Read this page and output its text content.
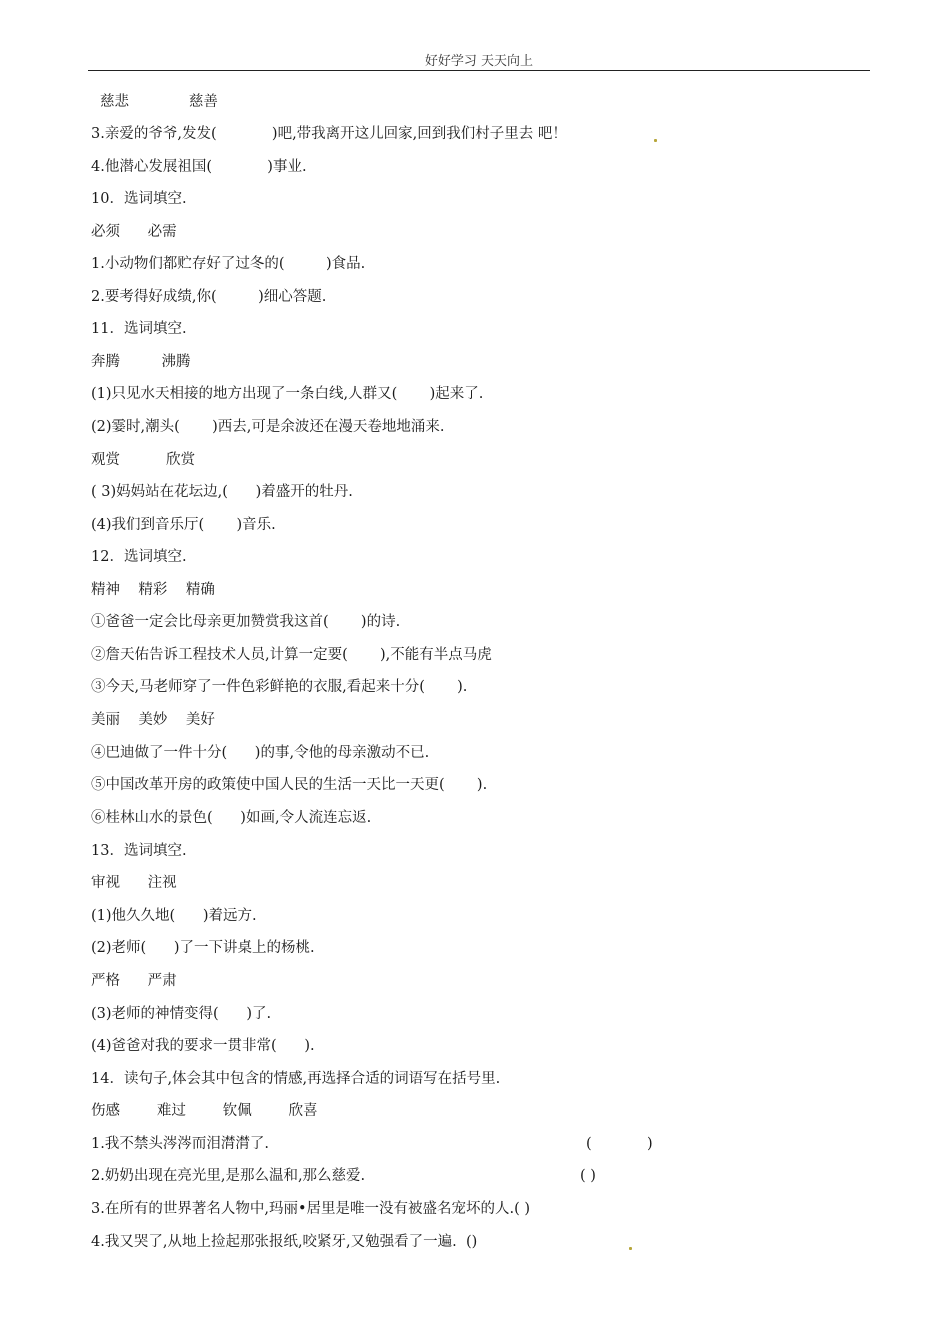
好好学习 天天向上
慈悲             慈善
3.亲爱的爷爷,发发(            )吧,带我离开这儿回家,回到我们村子里去 吧！
4.他潜心发展祖国(            )事业.
10．选词填空.
必须      必需
1.小动物们都贮存好了过冬的(         )食品.
2.要考得好成绩,你(         )细心答题.
11．选词填空.
奔腾         沸腾
(1)只见水天相接的地方出现了一条白线,人群又(       )起来了.
(2)霎时,潮头(       )西去,可是余波还在漫天卷地地涌来.
观赏          欣赏
( 3)妈妈站在花坛边,(      )着盛开的牡丹.
(4)我们到音乐厅(       )音乐.
12．选词填空.
精神    精彩    精确
①爸爸一定会比母亲更加赞赏我这首(       )的诗.
②詹天佑告诉工程技术人员,计算一定要(       ),不能有半点马虎
③今天,马老师穿了一件色彩鲜艳的衣服,看起来十分(       ).
美丽    美妙    美好
④巴迪做了一件十分(      )的事,令他的母亲激动不已.
⑤中国改革开房的政策使中国人民的生活一天比一天更(       ).
⑥桂林山水的景色(      )如画,令人流连忘返.
13．选词填空.
审视      注视
(1)他久久地(      )着远方.
(2)老师(      )了一下讲桌上的杨桃.
严格      严肃
(3)老师的神情变得(      )了.
(4)爸爸对我的要求一贯非常(      ).
14．读句子,体会其中包含的情感,再选择合适的词语写在括号里.
伤感        难过        钦佩        欣喜
1.我不禁头涔涔而泪潸潸了.	(            )
2.奶奶出现在亮光里,是那么温和,那么慈爱.	( )
3.在所有的世界著名人物中,玛丽•居里是唯一没有被盛名宠坏的人.( )
4.我又哭了,从地上捡起那张报纸,咬紧牙,又勉强看了一遍.  ()
